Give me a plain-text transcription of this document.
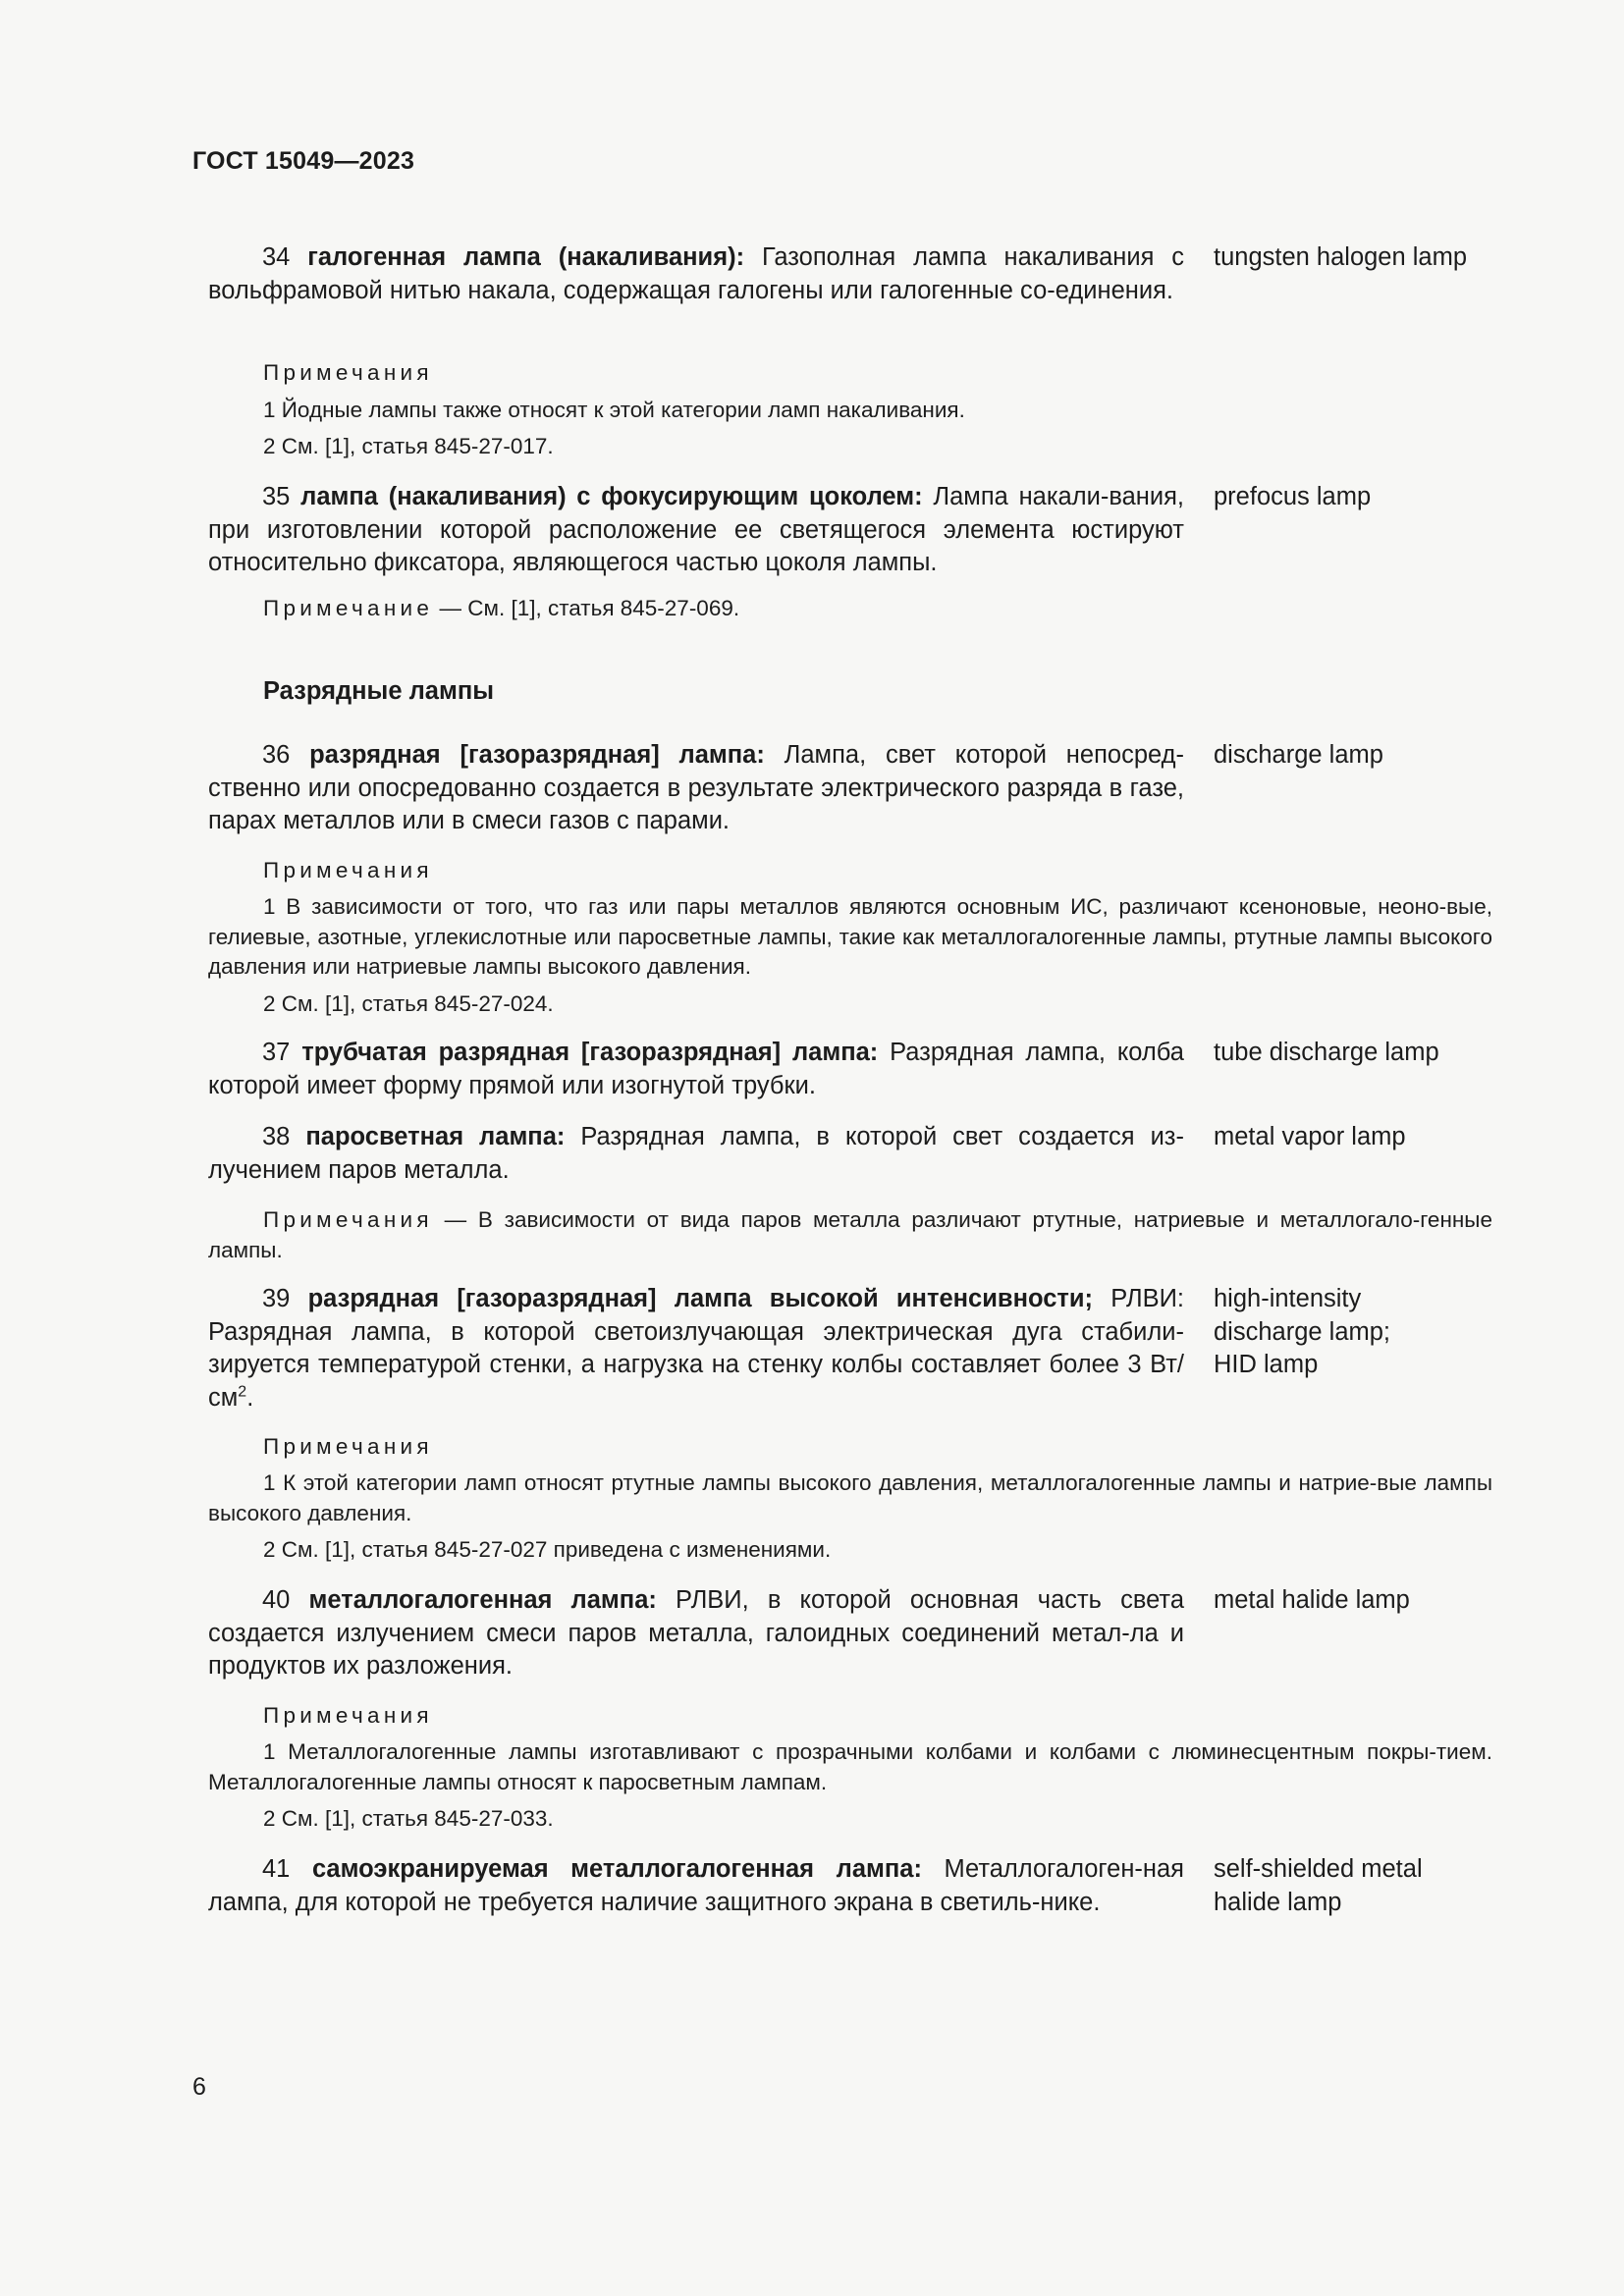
ГОСТ 15049—2023
34 галогенная лампа (накаливания): Газополная лампа накаливания с вольфрамовой нитью накала, содержащая галогены или галогенные со-единения.
tungsten halogen lamp
Примечания
1 Йодные лампы также относят к этой категории ламп накаливания.
2 См. [1], статья 845-27-017.
35 лампа (накаливания) с фокусирующим цоколем: Лампа накали-вания, при изготовлении которой расположение ее светящегося элемента юстируют относительно фиксатора, являющегося частью цоколя лампы.
prefocus lamp
Примечание — См. [1], статья 845-27-069.
Разрядные лампы
36 разрядная [газоразрядная] лампа: Лампа, свет которой непосред-ственно или опосредованно создается в результате электрического разряда в газе, парах металлов или в смеси газов с парами.
discharge lamp
Примечания
1 В зависимости от того, что газ или пары металлов являются основным ИС, различают ксеноновые, неоно-вые, гелиевые, азотные, углекислотные или паросветные лампы, такие как металлогалогенные лампы, ртутные лампы высокого давления или натриевые лампы высокого давления.
2 См. [1], статья 845-27-024.
37 трубчатая разрядная [газоразрядная] лампа: Разрядная лампа, колба которой имеет форму прямой или изогнутой трубки.
tube discharge lamp
38 паросветная лампа: Разрядная лампа, в которой свет создается из-лучением паров металла.
metal vapor lamp
Примечания — В зависимости от вида паров металла различают ртутные, натриевые и металлогало-генные лампы.
39 разрядная [газоразрядная] лампа высокой интенсивности; РЛВИ: Разрядная лампа, в которой светоизлучающая электрическая дуга стабили-зируется температурой стенки, а нагрузка на стенку колбы составляет более 3 $Вт/см^2$.
high-intensity
discharge lamp;
HID lamp
Примечания
1 К этой категории ламп относят ртутные лампы высокого давления, металлогалогенные лампы и натрие-вые лампы высокого давления.
2 См. [1], статья 845-27-027 приведена с изменениями.
40 металлогалогенная лампа: РЛВИ, в которой основная часть света создается излучением смеси паров металла, галоидных соединений метал-ла и продуктов их разложения.
metal halide lamp
Примечания
1 Металлогалогенные лампы изготавливают с прозрачными колбами и колбами с люминесцентным покры-тием. Металлогалогенные лампы относят к паросветным лампам.
2 См. [1], статья 845-27-033.
41 самоэкранируемая металлогалогенная лампа: Металлогалоген-ная лампа, для которой не требуется наличие защитного экрана в светиль-нике.
self-shielded metal
halide lamp
6
